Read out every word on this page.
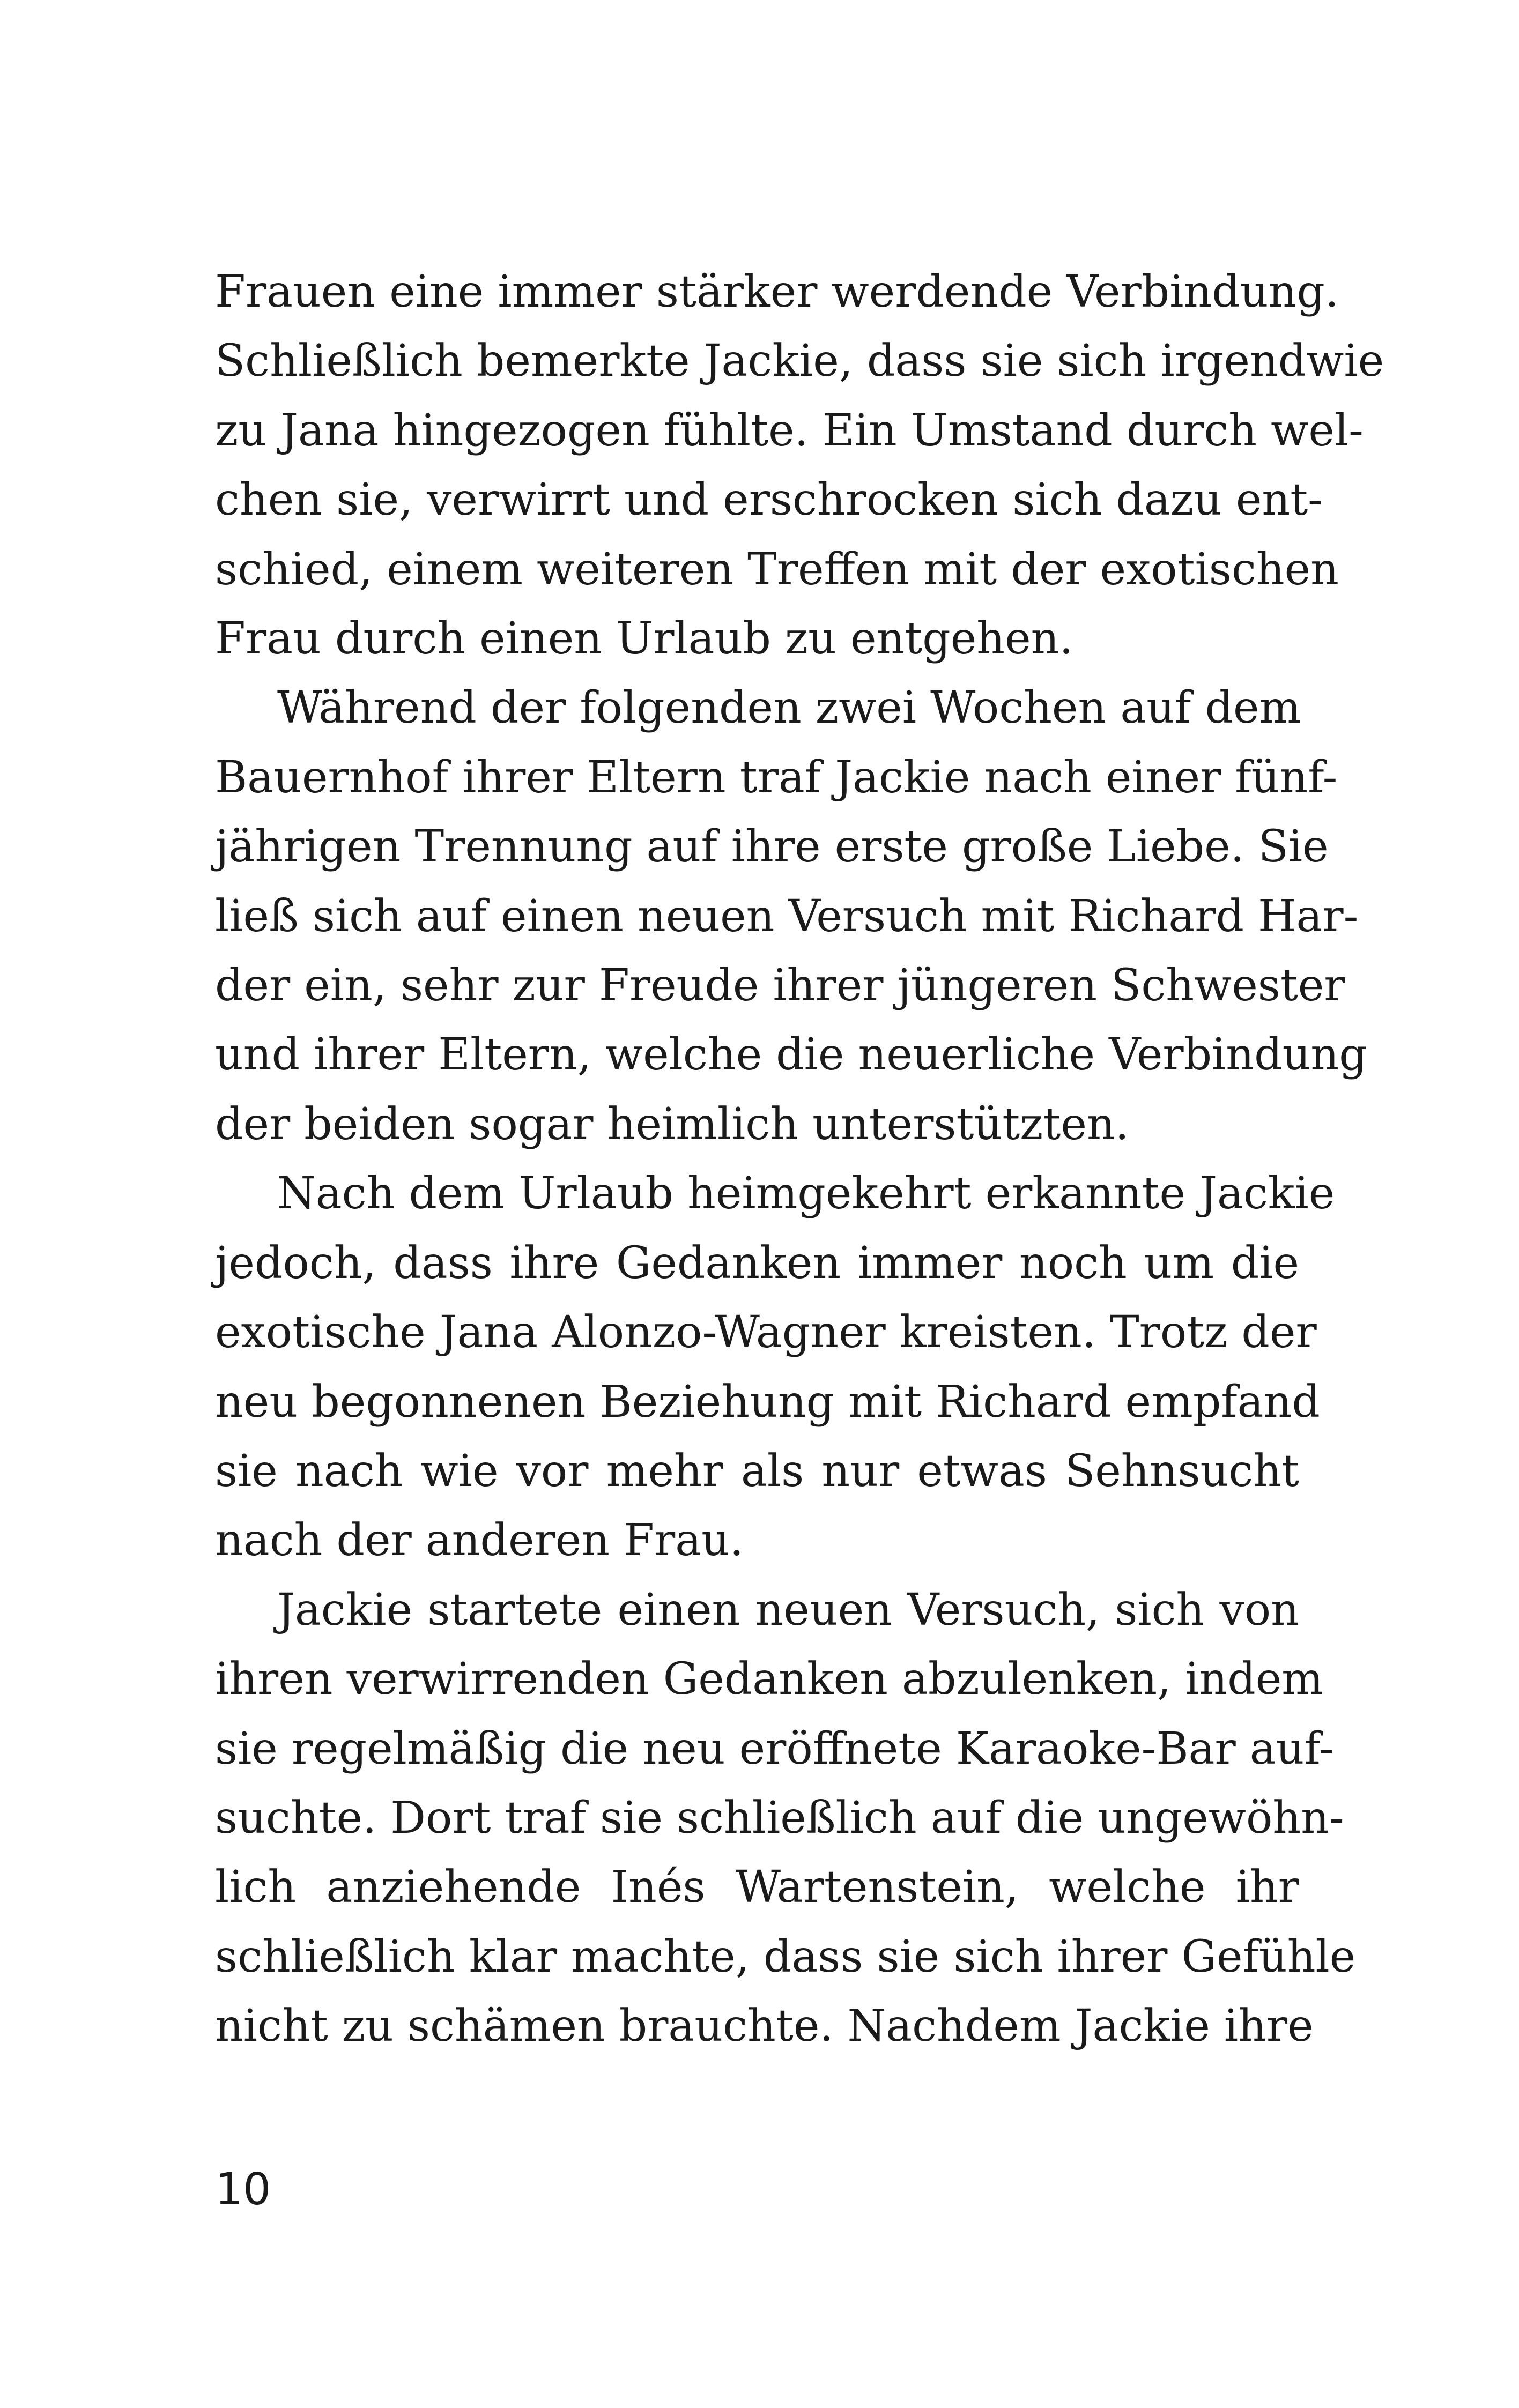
Frauen eine immer stärker werdende Verbindung.
Schließlich bemerkte Jackie, dass sie sich irgendwie
zu Jana hingezogen fühlte. Ein Umstand durch wel-
chen sie, verwirrt und erschrocken sich dazu ent-
schied, einem weiteren Treffen mit der exotischen
Frau durch einen Urlaub zu entgehen.

Während der folgenden zwei Wochen auf dem
Bauernhof ihrer Eltern traf Jackie nach einer fünf-
jährigen Trennung auf ihre erste große Liebe. Sie
ließ sich auf einen neuen Versuch mit Richard Har-
der ein, sehr zur Freude ihrer jüngeren Schwester
und ihrer Eltern, welche die neuerliche Verbindung
der beiden sogar heimlich unterstützten.

Nach dem Urlaub heimgekehrt erkannte Jackie
jedoch, dass ihre Gedanken immer noch um die
exotische Jana Alonzo-Wagner kreisten. Trotz der
neu begonnenen Beziehung mit Richard empfand
sie nach wie vor mehr als nur etwas Sehnsucht
nach der anderen Frau.

Jackie startete einen neuen Versuch, sich von
ihren verwirrenden Gedanken abzulenken, indem
sie regelmäßig die neu eröffnete Karaoke-Bar auf-
suchte. Dort traf sie schließlich auf die ungewöhn-
lich anziehende Inés Wartenstein, welche ihr
schließlich klar machte, dass sie sich ihrer Gefühle
nicht zu schämen brauchte. Nachdem Jackie ihre

10
